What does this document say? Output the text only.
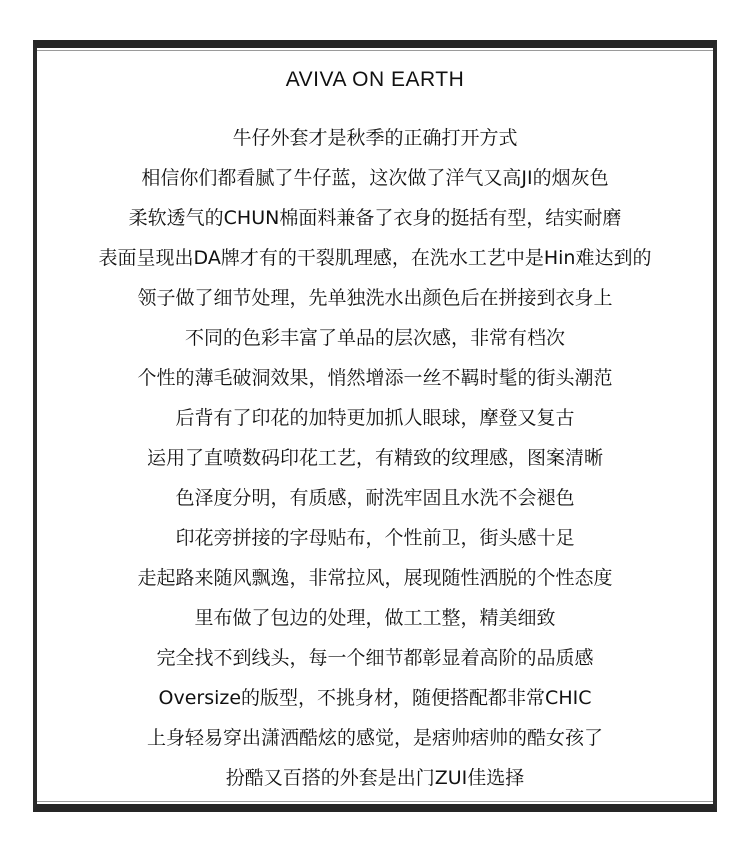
AVIVA ON EARTH
牛仔外套才是秋季的正确打开方式
相信你们都看腻了牛仔蓝，这次做了洋气又高JI的烟灰色
柔软透气的CHUN棉面料兼备了衣身的挺括有型，结实耐磨
表面呈现出DA牌才有的干裂肌理感，在洗水工艺中是Hin难达到的
领子做了细节处理，先单独洗水出颜色后在拼接到衣身上
不同的色彩丰富了单品的层次感，非常有档次
个性的薄毛破洞效果，悄然增添一丝不羁时髦的街头潮范
后背有了印花的加特更加抓人眼球，摩登又复古
运用了直喷数码印花工艺，有精致的纹理感，图案清晰
色泽度分明，有质感，耐洗牢固且水洗不会褪色
印花旁拼接的字母贴布，个性前卫，街头感十足
走起路来随风飘逸，非常拉风，展现随性洒脱的个性态度
里布做了包边的处理，做工工整，精美细致
完全找不到线头，每一个细节都彰显着高阶的品质感
Oversize的版型，不挑身材，随便搭配都非常CHIC
上身轻易穿出潇洒酷炫的感觉，是痞帅痞帅的酷女孩了
扮酷又百搭的外套是出门ZUI佳选择
